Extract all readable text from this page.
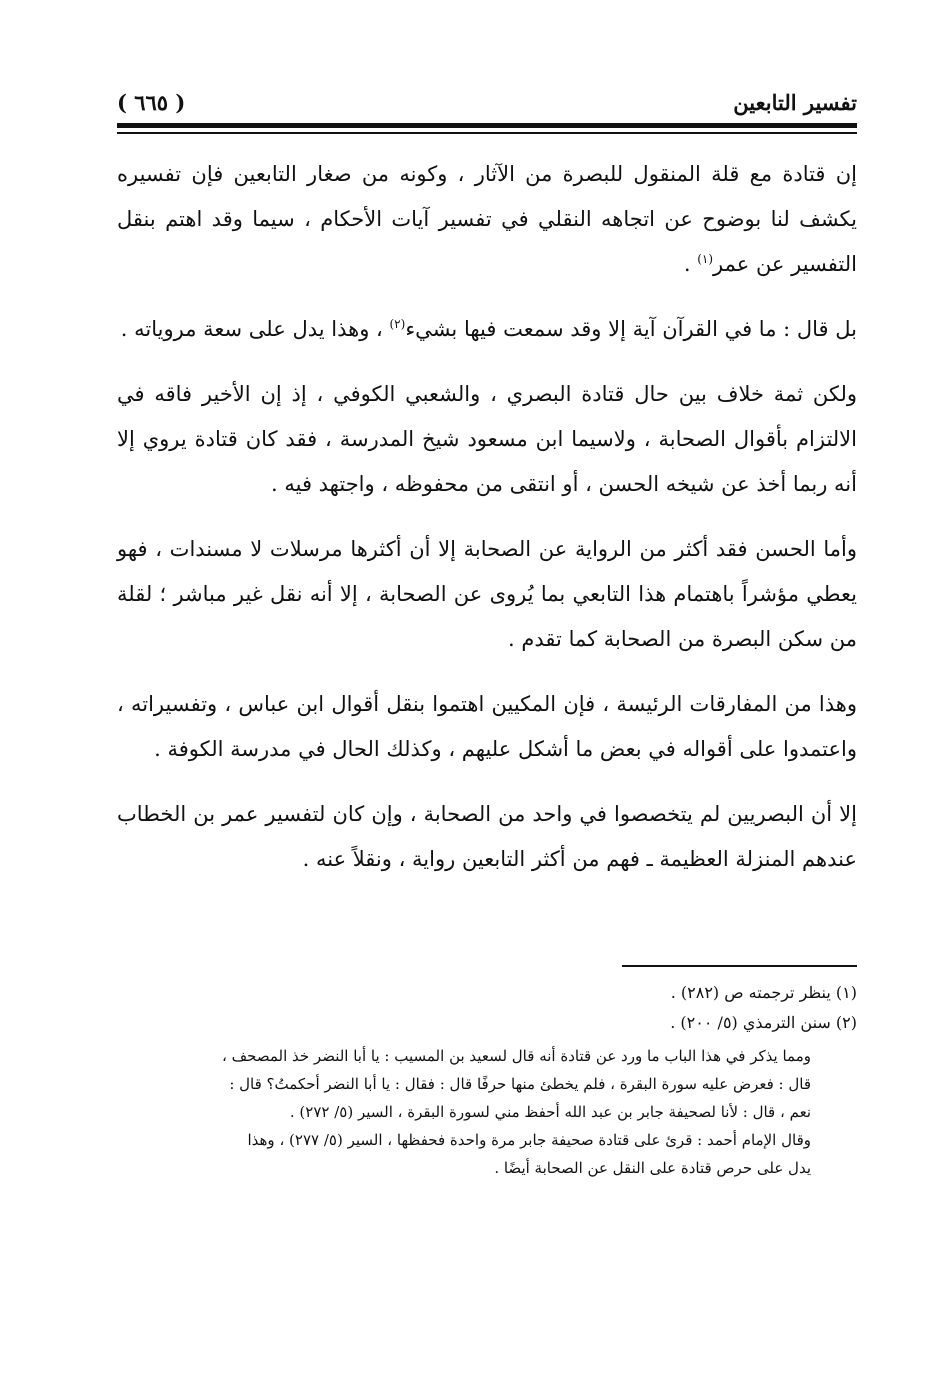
تفسير التابعين
( ٦٦٥ )

إن قتادة مع قلة المنقول للبصرة من الآثار ، وكونه من صغار التابعين فإن تفسيره يكشف لنا بوضوح عن اتجاهه النقلي في تفسير آيات الأحكام ، سيما وقد اهتم بنقل التفسير عن عمر$^{(١)}$ .

بل قال : ما في القرآن آية إلا وقد سمعت فيها بشيء$^{(٢)}$ ، وهذا يدل على سعة مروياته .

ولكن ثمة خلاف بين حال قتادة البصري ، والشعبي الكوفي ، إذ إن الأخير فاقه في الالتزام بأقوال الصحابة ، ولاسيما ابن مسعود شيخ المدرسة ، فقد كان قتادة يروي إلا أنه ربما أخذ عن شيخه الحسن ، أو انتقى من محفوظه ، واجتهد فيه .

وأما الحسن فقد أكثر من الرواية عن الصحابة إلا أن أكثرها مرسلات لا مسندات ، فهو يعطي مؤشراً باهتمام هذا التابعي بما يُروى عن الصحابة ، إلا أنه نقل غير مباشر ؛ لقلة من سكن البصرة من الصحابة كما تقدم .

وهذا من المفارقات الرئيسة ، فإن المكيين اهتموا بنقل أقوال ابن عباس ، وتفسيراته ، واعتمدوا على أقواله في بعض ما أشكل عليهم ، وكذلك الحال في مدرسة الكوفة .

إلا أن البصريين لم يتخصصوا في واحد من الصحابة ، وإن كان لتفسير عمر بن الخطاب عندهم المنزلة العظيمة ـ فهم من أكثر التابعين رواية ، ونقلاً عنه .

(١) ينظر ترجمته ص (٢٨٢) .

(٢) سنن الترمذي (٥/ ٢٠٠) .

ومما يذكر في هذا الباب ما ورد عن قتادة أنه قال لسعيد بن المسيب : يا أبا النضر خذ المصحف ،

قال : فعرض عليه سورة البقرة ، فلم يخطئ منها حرفًا قال : فقال : يا أبا النضر أحكمتُ؟ قال :

نعم ، قال : لأنا لصحيفة جابر بن عبد الله أحفظ مني لسورة البقرة ، السير (٥/ ٢٧٢) .

وقال الإمام أحمد : قرئ على قتادة صحيفة جابر مرة واحدة فحفظها ، السير (٥/ ٢٧٧) ، وهذا

يدل على حرص قتادة على النقل عن الصحابة أيضًا .
